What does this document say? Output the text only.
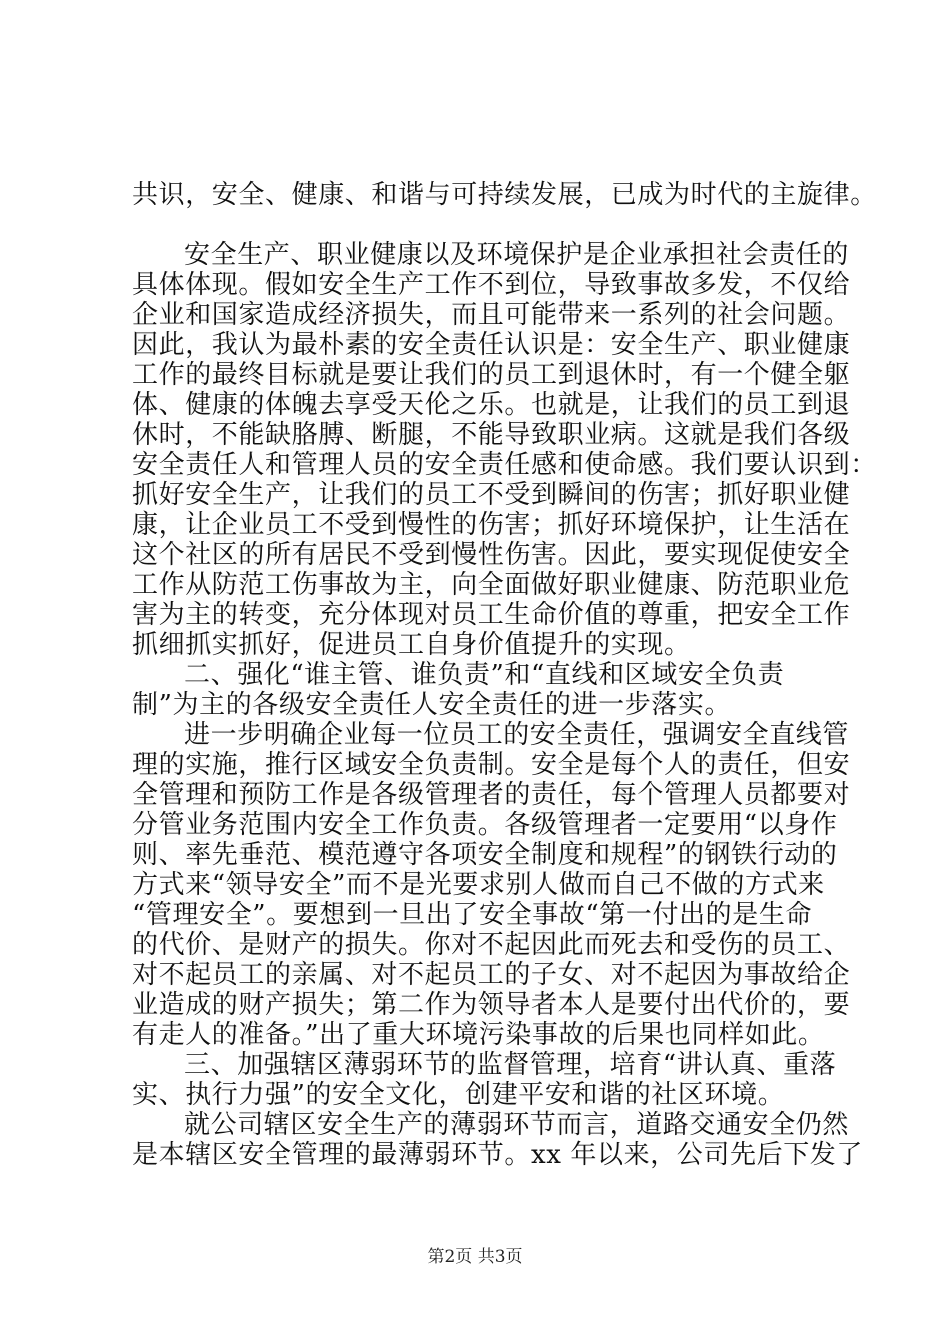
共识，安全、健康、和谐与可持续发展，已成为时代的主旋律。
安全生产、职业健康以及环境保护是企业承担社会责任的
具体体现。假如安全生产工作不到位，导致事故多发，不仅给
企业和国家造成经济损失，而且可能带来一系列的社会问题。
因此，我认为最朴素的安全责任认识是：安全生产、职业健康
工作的最终目标就是要让我们的员工到退休时，有一个健全躯
体、健康的体魄去享受天伦之乐。也就是，让我们的员工到退
休时，不能缺胳膊、断腿，不能导致职业病。这就是我们各级
安全责任人和管理人员的安全责任感和使命感。我们要认识到：
抓好安全生产，让我们的员工不受到瞬间的伤害；抓好职业健
康，让企业员工不受到慢性的伤害；抓好环境保护，让生活在
这个社区的所有居民不受到慢性伤害。因此，要实现促使安全
工作从防范工伤事故为主，向全面做好职业健康、防范职业危
害为主的转变，充分体现对员工生命价值的尊重，把安全工作
抓细抓实抓好，促进员工自身价值提升的实现。
二、强化“谁主管、谁负责”和“直线和区域安全负责
制”为主的各级安全责任人安全责任的进一步落实。
进一步明确企业每一位员工的安全责任，强调安全直线管
理的实施，推行区域安全负责制。安全是每个人的责任，但安
全管理和预防工作是各级管理者的责任，每个管理人员都要对
分管业务范围内安全工作负责。各级管理者一定要用“以身作
则、率先垂范、模范遵守各项安全制度和规程”的钢铁行动的
方式来“领导安全”而不是光要求别人做而自己不做的方式来
“管理安全”。要想到一旦出了安全事故“第一付出的是生命
的代价、是财产的损失。你对不起因此而死去和受伤的员工、
对不起员工的亲属、对不起员工的子女、对不起因为事故给企
业造成的财产损失；第二作为领导者本人是要付出代价的，要
有走人的准备。”出了重大环境污染事故的后果也同样如此。
三、加强辖区薄弱环节的监督管理，培育“讲认真、重落
实、执行力强”的安全文化，创建平安和谐的社区环境。
就公司辖区安全生产的薄弱环节而言，道路交通安全仍然
是本辖区安全管理的最薄弱环节。xx 年以来，公司先后下发了
第2页 共3页
